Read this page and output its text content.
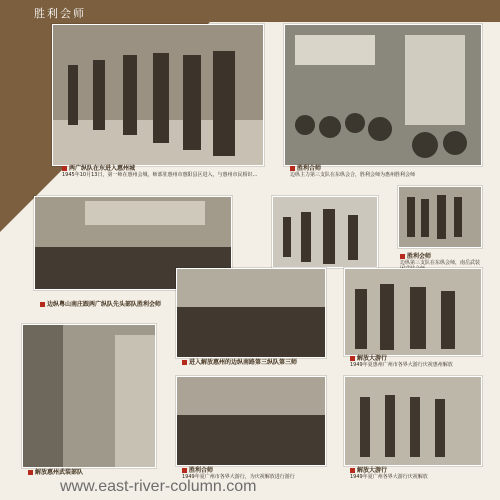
胜利会师
两广纵队在东进入惠州城
1945年10月13日，第一师在惠州会城，师部驻惠州市惠阳县区进入，与惠州市民相识…
胜利合师
边纵主力第三支队在东纵会合，胜利会师为惠州胜利会师
边纵粤山南庄跟两广纵队先头部队胜利会师
胜利会师
边纵第三支队在东纵会师，南岳武装
进入解放惠州的边纵南路第三纵队第三师
解放大游行
1949年夏惠州广州市各界大游行庆祝惠州解放
解放惠州武装部队	胜利合师
1949年夏广州市各界大游行，为庆祝解放进行游行
解放大游行
1949年夏广州各界大游行庆祝解放
www.east-river-column.com
